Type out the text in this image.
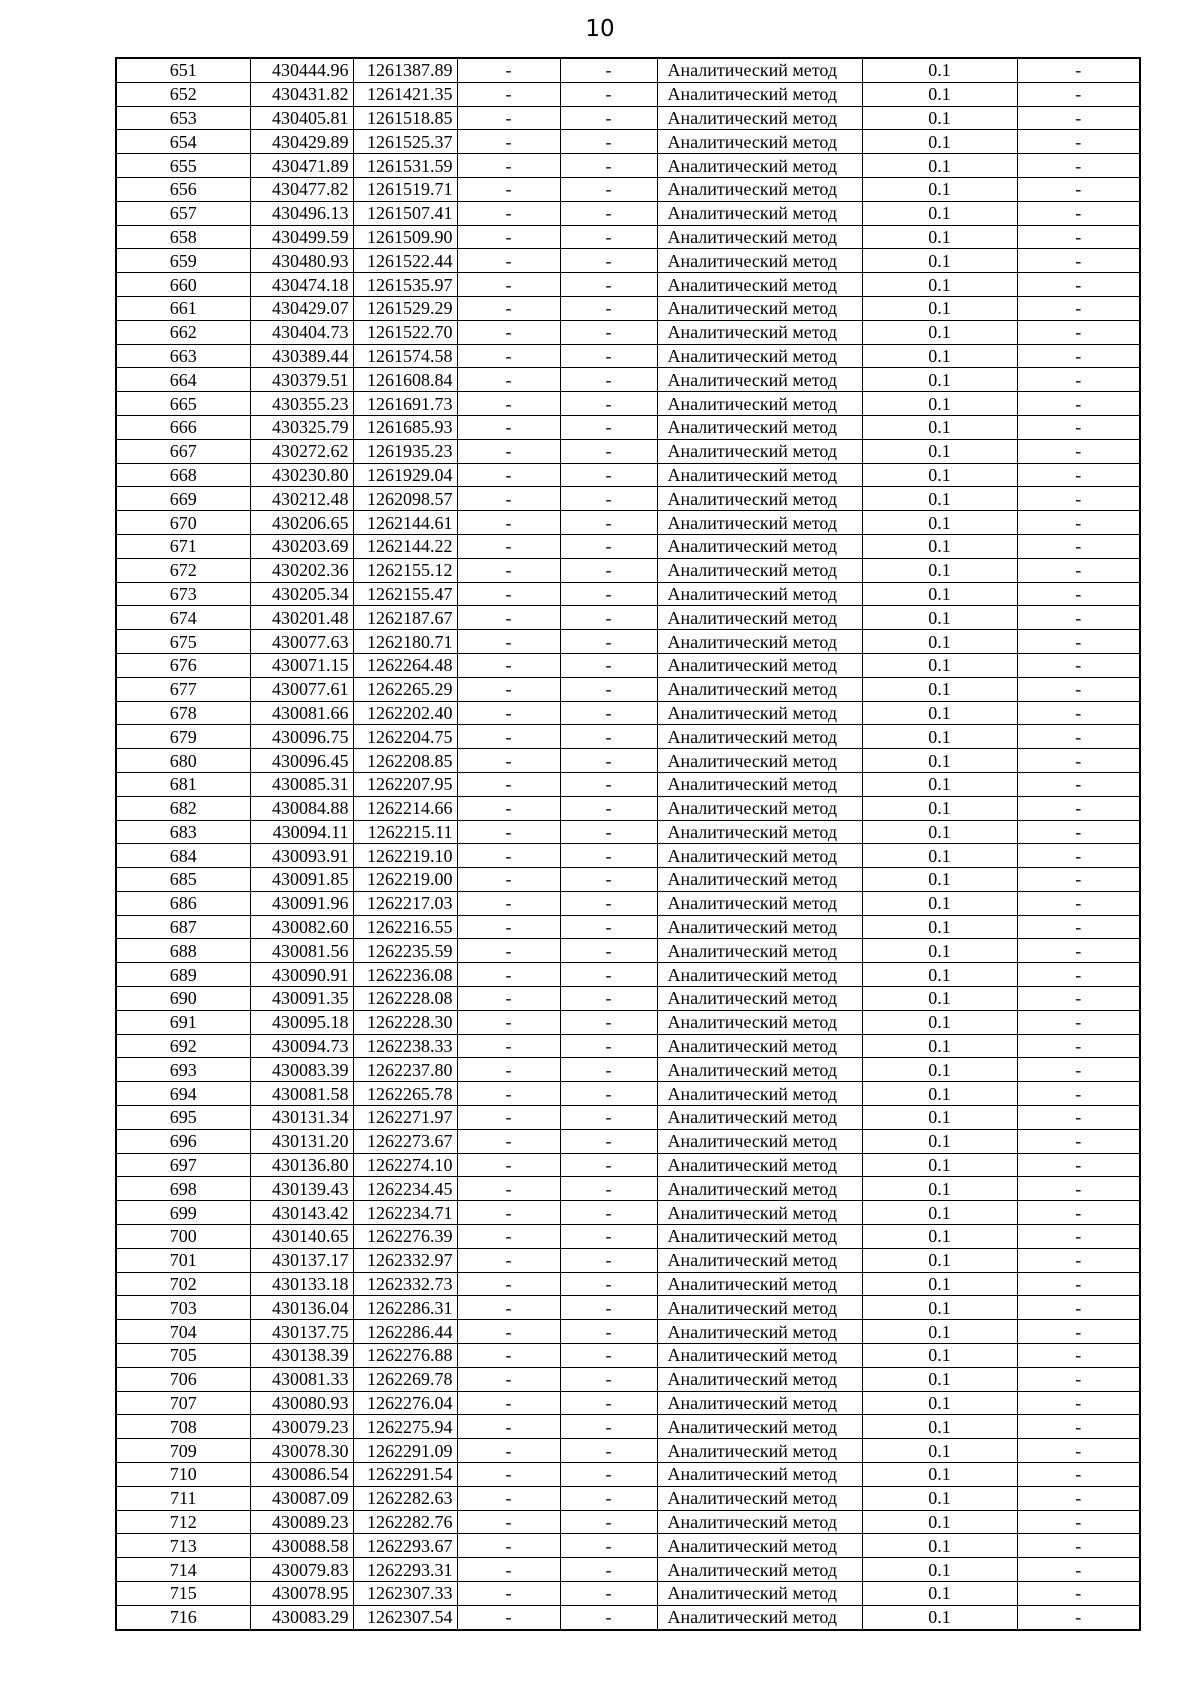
10
651	430444.96	1261387.89	-	-	Аналитический метод	0.1	-
652	430431.82	1261421.35	-	-	Аналитический метод	0.1	-
653	430405.81	1261518.85	-	-	Аналитический метод	0.1	-
654	430429.89	1261525.37	-	-	Аналитический метод	0.1	-
655	430471.89	1261531.59	-	-	Аналитический метод	0.1	-
656	430477.82	1261519.71	-	-	Аналитический метод	0.1	-
657	430496.13	1261507.41	-	-	Аналитический метод	0.1	-
658	430499.59	1261509.90	-	-	Аналитический метод	0.1	-
659	430480.93	1261522.44	-	-	Аналитический метод	0.1	-
660	430474.18	1261535.97	-	-	Аналитический метод	0.1	-
661	430429.07	1261529.29	-	-	Аналитический метод	0.1	-
662	430404.73	1261522.70	-	-	Аналитический метод	0.1	-
663	430389.44	1261574.58	-	-	Аналитический метод	0.1	-
664	430379.51	1261608.84	-	-	Аналитический метод	0.1	-
665	430355.23	1261691.73	-	-	Аналитический метод	0.1	-
666	430325.79	1261685.93	-	-	Аналитический метод	0.1	-
667	430272.62	1261935.23	-	-	Аналитический метод	0.1	-
668	430230.80	1261929.04	-	-	Аналитический метод	0.1	-
669	430212.48	1262098.57	-	-	Аналитический метод	0.1	-
670	430206.65	1262144.61	-	-	Аналитический метод	0.1	-
671	430203.69	1262144.22	-	-	Аналитический метод	0.1	-
672	430202.36	1262155.12	-	-	Аналитический метод	0.1	-
673	430205.34	1262155.47	-	-	Аналитический метод	0.1	-
674	430201.48	1262187.67	-	-	Аналитический метод	0.1	-
675	430077.63	1262180.71	-	-	Аналитический метод	0.1	-
676	430071.15	1262264.48	-	-	Аналитический метод	0.1	-
677	430077.61	1262265.29	-	-	Аналитический метод	0.1	-
678	430081.66	1262202.40	-	-	Аналитический метод	0.1	-
679	430096.75	1262204.75	-	-	Аналитический метод	0.1	-
680	430096.45	1262208.85	-	-	Аналитический метод	0.1	-
681	430085.31	1262207.95	-	-	Аналитический метод	0.1	-
682	430084.88	1262214.66	-	-	Аналитический метод	0.1	-
683	430094.11	1262215.11	-	-	Аналитический метод	0.1	-
684	430093.91	1262219.10	-	-	Аналитический метод	0.1	-
685	430091.85	1262219.00	-	-	Аналитический метод	0.1	-
686	430091.96	1262217.03	-	-	Аналитический метод	0.1	-
687	430082.60	1262216.55	-	-	Аналитический метод	0.1	-
688	430081.56	1262235.59	-	-	Аналитический метод	0.1	-
689	430090.91	1262236.08	-	-	Аналитический метод	0.1	-
690	430091.35	1262228.08	-	-	Аналитический метод	0.1	-
691	430095.18	1262228.30	-	-	Аналитический метод	0.1	-
692	430094.73	1262238.33	-	-	Аналитический метод	0.1	-
693	430083.39	1262237.80	-	-	Аналитический метод	0.1	-
694	430081.58	1262265.78	-	-	Аналитический метод	0.1	-
695	430131.34	1262271.97	-	-	Аналитический метод	0.1	-
696	430131.20	1262273.67	-	-	Аналитический метод	0.1	-
697	430136.80	1262274.10	-	-	Аналитический метод	0.1	-
698	430139.43	1262234.45	-	-	Аналитический метод	0.1	-
699	430143.42	1262234.71	-	-	Аналитический метод	0.1	-
700	430140.65	1262276.39	-	-	Аналитический метод	0.1	-
701	430137.17	1262332.97	-	-	Аналитический метод	0.1	-
702	430133.18	1262332.73	-	-	Аналитический метод	0.1	-
703	430136.04	1262286.31	-	-	Аналитический метод	0.1	-
704	430137.75	1262286.44	-	-	Аналитический метод	0.1	-
705	430138.39	1262276.88	-	-	Аналитический метод	0.1	-
706	430081.33	1262269.78	-	-	Аналитический метод	0.1	-
707	430080.93	1262276.04	-	-	Аналитический метод	0.1	-
708	430079.23	1262275.94	-	-	Аналитический метод	0.1	-
709	430078.30	1262291.09	-	-	Аналитический метод	0.1	-
710	430086.54	1262291.54	-	-	Аналитический метод	0.1	-
711	430087.09	1262282.63	-	-	Аналитический метод	0.1	-
712	430089.23	1262282.76	-	-	Аналитический метод	0.1	-
713	430088.58	1262293.67	-	-	Аналитический метод	0.1	-
714	430079.83	1262293.31	-	-	Аналитический метод	0.1	-
715	430078.95	1262307.33	-	-	Аналитический метод	0.1	-
716	430083.29	1262307.54	-	-	Аналитический метод	0.1	-
